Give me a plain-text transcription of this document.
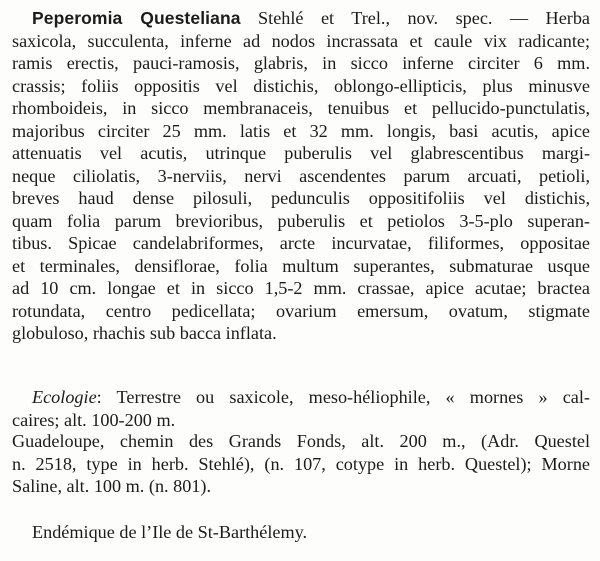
Peperomia Questeliana Stehlé et Trel., nov. spec. — Herba
saxicola, succulenta, inferne ad nodos incrassata et caule vix radicante;
ramis erectis, pauci-ramosis, glabris, in sicco inferne circiter 6 mm.
crassis; foliis oppositis vel distichis, oblongo-ellipticis, plus minusve
rhomboideis, in sicco membranaceis, tenuibus et pellucido-punctulatis,
majoribus circiter 25 mm. latis et 32 mm. longis, basi acutis, apice
attenuatis vel acutis, utrinque puberulis vel glabrescentibus margi-
neque ciliolatis, 3-nerviis, nervi ascendentes parum arcuati, petioli,
breves haud dense pilosuli, pedunculis oppositifoliis vel distichis,
quam folia parum brevioribus, puberulis et petiolos 3-5-plo superan-
tibus. Spicae candelabriformes, arcte incurvatae, filiformes, oppositae
et terminales, densiflorae, folia multum superantes, submaturae usque
ad 10 cm. longae et in sicco 1,5-2 mm. crassae, apice acutae; bractea
rotundata, centro pedicellata; ovarium emersum, ovatum, stigmate
globuloso, rhachis sub bacca inflata.
Ecologie: Terrestre ou saxicole, meso-héliophile, « mornes » cal-
caires; alt. 100-200 m.
Guadeloupe, chemin des Grands Fonds, alt. 200 m., (Adr. Questel
n. 2518, type in herb. Stehlé), (n. 107, cotype in herb. Questel); Morne
Saline, alt. 100 m. (n. 801).
Endémique de l’Ile de St-Barthélemy.
